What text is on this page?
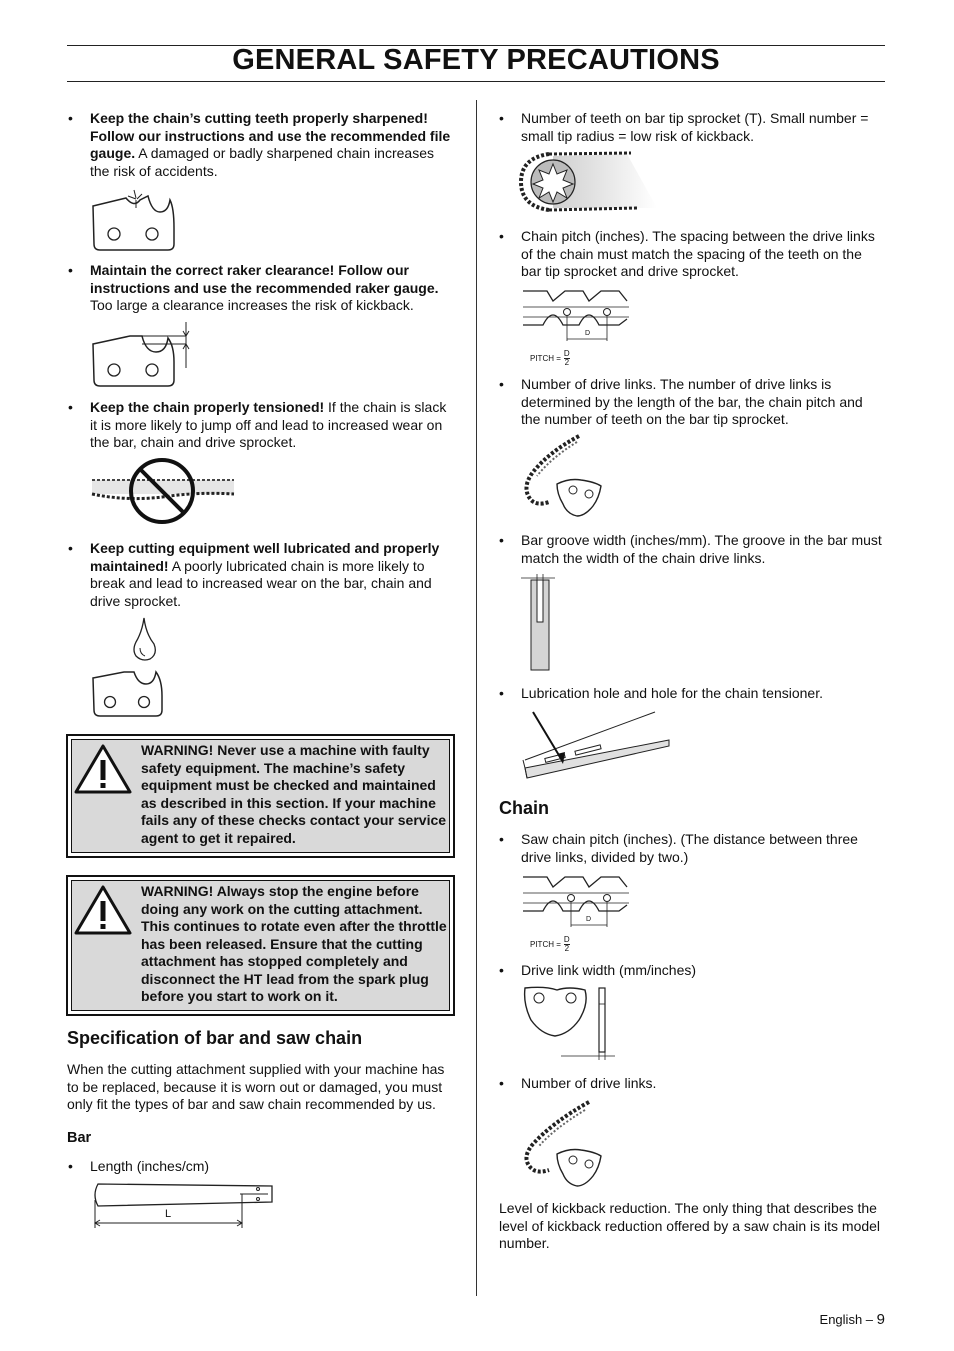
GENERAL SAFETY PRECAUTIONS
• Keep the chain’s cutting teeth properly sharpened! Follow our instructions and use the recommended file gauge. A damaged or badly sharpened chain increases the risk of accidents.
• Maintain the correct raker clearance! Follow our instructions and use the recommended raker gauge. Too large a clearance increases the risk of kickback.
• Keep the chain properly tensioned! If the chain is slack it is more likely to jump off and lead to increased wear on the bar, chain and drive sprocket.
• Keep cutting equipment well lubricated and properly maintained! A poorly lubricated chain is more likely to break and lead to increased wear on the bar, chain and drive sprocket.
WARNING! Never use a machine with faulty safety equipment. The machine’s safety equipment must be checked and maintained as described in this section. If your machine fails any of these checks contact your service agent to get it repaired.
WARNING! Always stop the engine before doing any work on the cutting attachment. This continues to rotate even after the throttle has been released. Ensure that the cutting attachment has stopped completely and disconnect the HT lead from the spark plug before you start to work on it.
Specification of bar and saw chain
When the cutting attachment supplied with your machine has to be replaced, because it is worn out or damaged, you must only fit the types of bar and saw chain recommended by us.
Bar
• Length (inches/cm)
L
• Number of teeth on bar tip sprocket (T). Small number = small tip radius = low risk of kickback.
• Chain pitch (inches). The spacing between the drive links of the chain must match the spacing of the teeth on the bar tip sprocket and drive sprocket.
D
PITCH = $\frac{D}{2}$
• Number of drive links. The number of drive links is determined by the length of the bar, the chain pitch and the number of teeth on the bar tip sprocket.
• Bar groove width (inches/mm). The groove in the bar must match the width of the chain drive links.
• Lubrication hole and hole for the chain tensioner.
Chain
• Saw chain pitch (inches). (The distance between three drive links, divided by two.)
D
PITCH = $\frac{D}{2}$
• Drive link width (mm/inches)
• Number of drive links.
Level of kickback reduction. The only thing that describes the level of kickback reduction offered by a saw chain is its model number.
English – 9
